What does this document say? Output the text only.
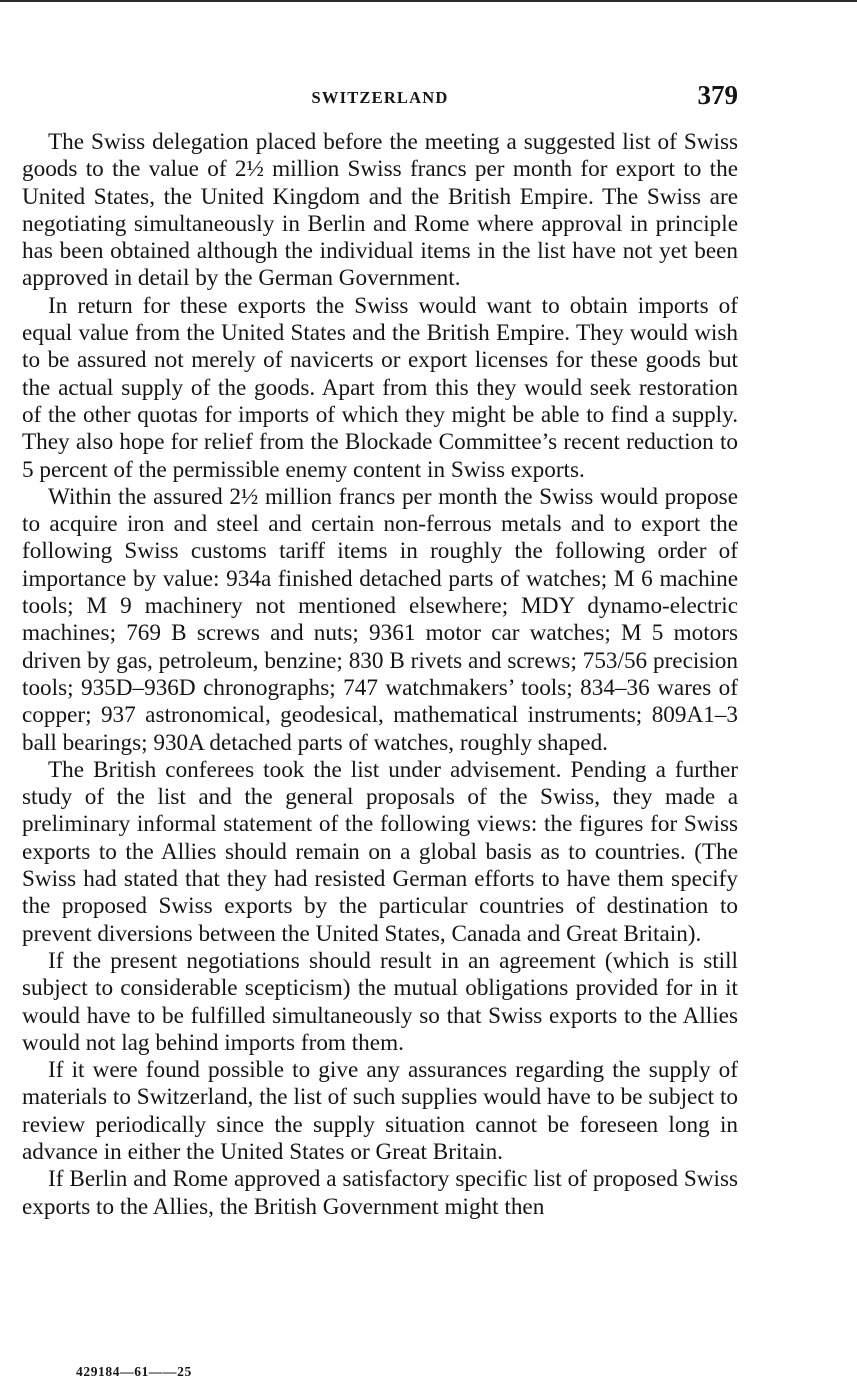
SWITZERLAND	379

The Swiss delegation placed before the meeting a suggested list of Swiss goods to the value of 2½ million Swiss francs per month for export to the United States, the United Kingdom and the British Empire. The Swiss are negotiating simultaneously in Berlin and Rome where approval in principle has been obtained although the individual items in the list have not yet been approved in detail by the German Government.

In return for these exports the Swiss would want to obtain imports of equal value from the United States and the British Empire. They would wish to be assured not merely of navicerts or export licenses for these goods but the actual supply of the goods. Apart from this they would seek restoration of the other quotas for imports of which they might be able to find a supply. They also hope for relief from the Blockade Committee’s recent reduction to 5 percent of the permissible enemy content in Swiss exports.

Within the assured 2½ million francs per month the Swiss would propose to acquire iron and steel and certain non-ferrous metals and to export the following Swiss customs tariff items in roughly the following order of importance by value: 934a finished detached parts of watches; M 6 machine tools; M 9 machinery not mentioned elsewhere; MDY dynamo-electric machines; 769 B screws and nuts; 9361 motor car watches; M 5 motors driven by gas, petroleum, benzine; 830 B rivets and screws; 753/56 precision tools; 935D–936D chronographs; 747 watchmakers’ tools; 834–36 wares of copper; 937 astronomical, geodesical, mathematical instruments; 809A1–3 ball bearings; 930A detached parts of watches, roughly shaped.

The British conferees took the list under advisement. Pending a further study of the list and the general proposals of the Swiss, they made a preliminary informal statement of the following views: the figures for Swiss exports to the Allies should remain on a global basis as to countries. (The Swiss had stated that they had resisted German efforts to have them specify the proposed Swiss exports by the particular countries of destination to prevent diversions between the United States, Canada and Great Britain).

If the present negotiations should result in an agreement (which is still subject to considerable scepticism) the mutual obligations provided for in it would have to be fulfilled simultaneously so that Swiss exports to the Allies would not lag behind imports from them.

If it were found possible to give any assurances regarding the supply of materials to Switzerland, the list of such supplies would have to be subject to review periodically since the supply situation cannot be foreseen long in advance in either the United States or Great Britain.

If Berlin and Rome approved a satisfactory specific list of proposed Swiss exports to the Allies, the British Government might then

429184—61——25
